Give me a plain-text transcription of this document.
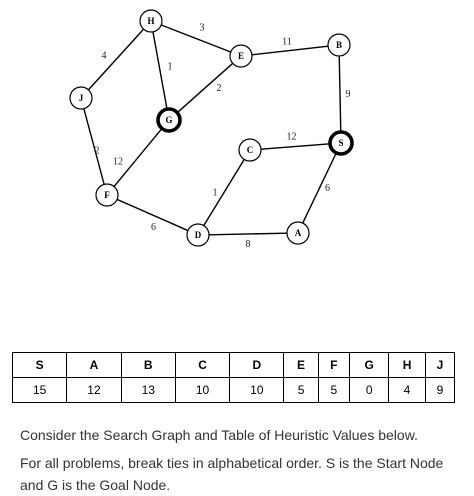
4
3
1
11
2
9
2
12
12
1	6
6
8
H
E
B
J
G
C
S
F
D	A
S	A	B	C	D	E	F	G	H	J
15	12	13	10	10	5	5	0	4	9

Consider the Search Graph and Table of Heuristic Values below.

For all problems, break ties in alphabetical order. S is the Start Node and G is the Goal Node.
